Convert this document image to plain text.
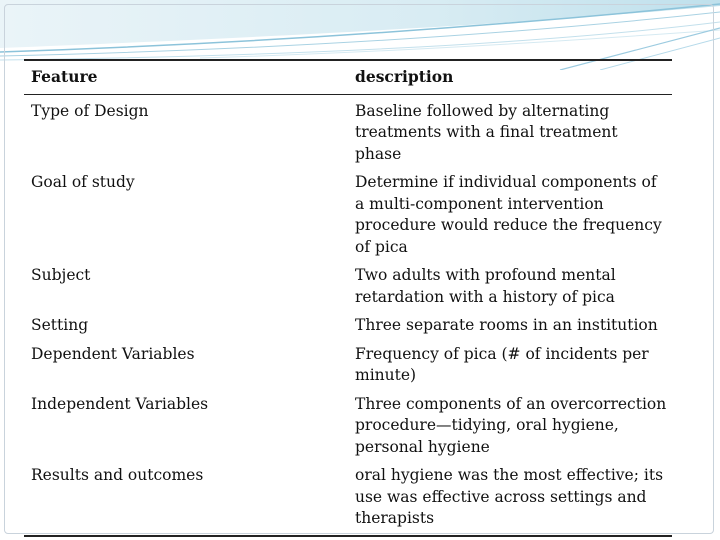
Feature	description
Type of Design	Baseline followed by alternating treatments with a final treatment phase
Goal of study	Determine if individual components of a multi-component intervention procedure would reduce the frequency of pica
Subject	Two adults with profound mental retardation with a history of pica
Setting	Three separate rooms in an institution
Dependent Variables	Frequency of pica (# of incidents per minute)
Independent Variables	Three components of an overcorrection procedure—tidying, oral hygiene, personal hygiene
Results and outcomes	oral hygiene was the most effective; its use was effective across settings and therapists
